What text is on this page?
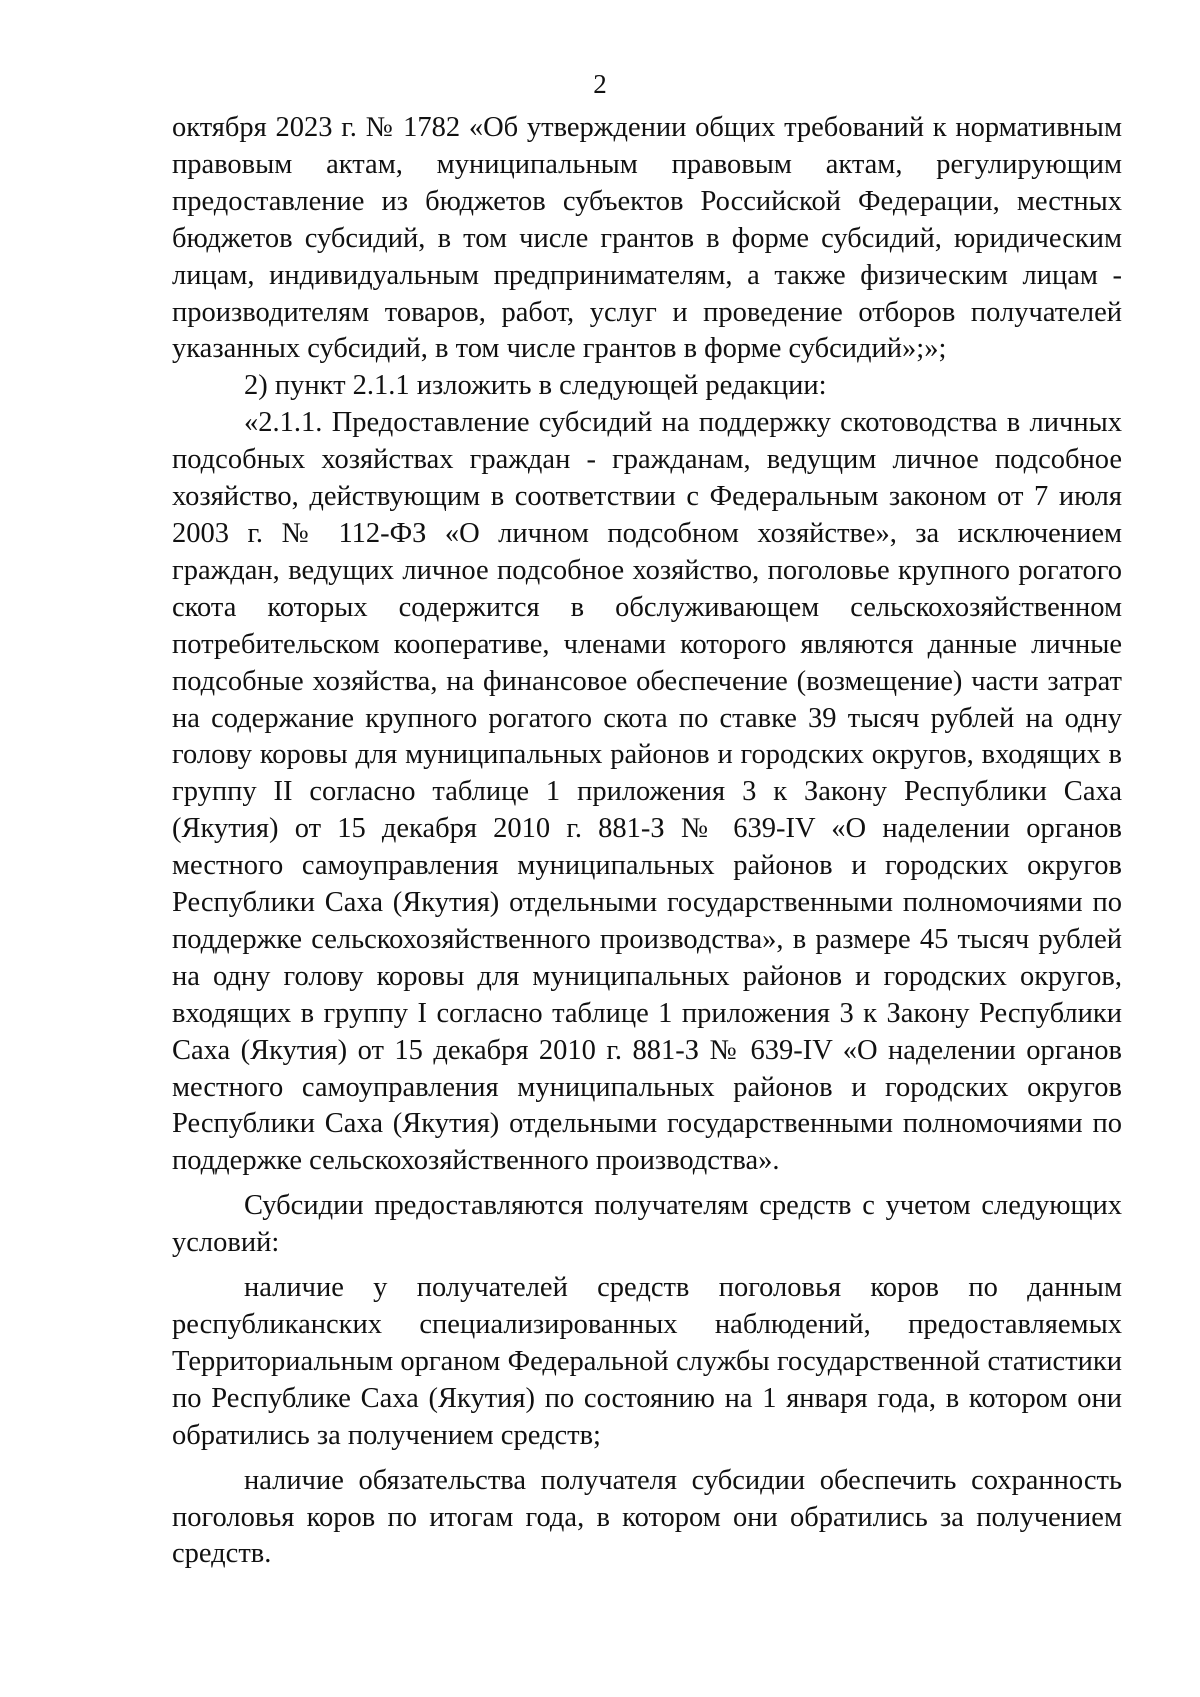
2

октября 2023 г. № 1782 «Об утверждении общих требований к нормативным правовым актам, муниципальным правовым актам, регулирующим предоставление из бюджетов субъектов Российской Федерации, местных бюджетов субсидий, в том числе грантов в форме субсидий, юридическим лицам, индивидуальным предпринимателям, а также физическим лицам - производителям товаров, работ, услуг и проведение отборов получателей указанных субсидий, в том числе грантов в форме субсидий»;»;

2) пункт 2.1.1 изложить в следующей редакции:

«2.1.1. Предоставление субсидий на поддержку скотоводства в личных подсобных хозяйствах граждан - гражданам, ведущим личное подсобное хозяйство, действующим в соответствии с Федеральным законом от 7 июля 2003 г. № 112-ФЗ «О личном подсобном хозяйстве», за исключением граждан, ведущих личное подсобное хозяйство, поголовье крупного рогатого скота которых содержится в обслуживающем сельскохозяйственном потребительском кооперативе, членами которого являются данные личные подсобные хозяйства, на финансовое обеспечение (возмещение) части затрат на содержание крупного рогатого скота по ставке 39 тысяч рублей на одну голову коровы для муниципальных районов и городских округов, входящих в группу II согласно таблице 1 приложения 3 к Закону Республики Саха (Якутия) от 15 декабря 2010 г. 881-З № 639-IV «О наделении органов местного самоуправления муниципальных районов и городских округов Республики Саха (Якутия) отдельными государственными полномочиями по поддержке сельскохозяйственного производства», в размере 45 тысяч рублей на одну голову коровы для муниципальных районов и городских округов, входящих в группу I согласно таблице 1 приложения 3 к Закону Республики Саха (Якутия) от 15 декабря 2010 г. 881-З № 639-IV «О наделении органов местного самоуправления муниципальных районов и городских округов Республики Саха (Якутия) отдельными государственными полномочиями по поддержке сельскохозяйственного производства».

Субсидии предоставляются получателям средств с учетом следующих условий:

наличие у получателей средств поголовья коров по данным республиканских специализированных наблюдений, предоставляемых Территориальным органом Федеральной службы государственной статистики по Республике Саха (Якутия) по состоянию на 1 января года, в котором они обратились за получением средств;

наличие обязательства получателя субсидии обеспечить сохранность поголовья коров по итогам года, в котором они обратились за получением средств.
